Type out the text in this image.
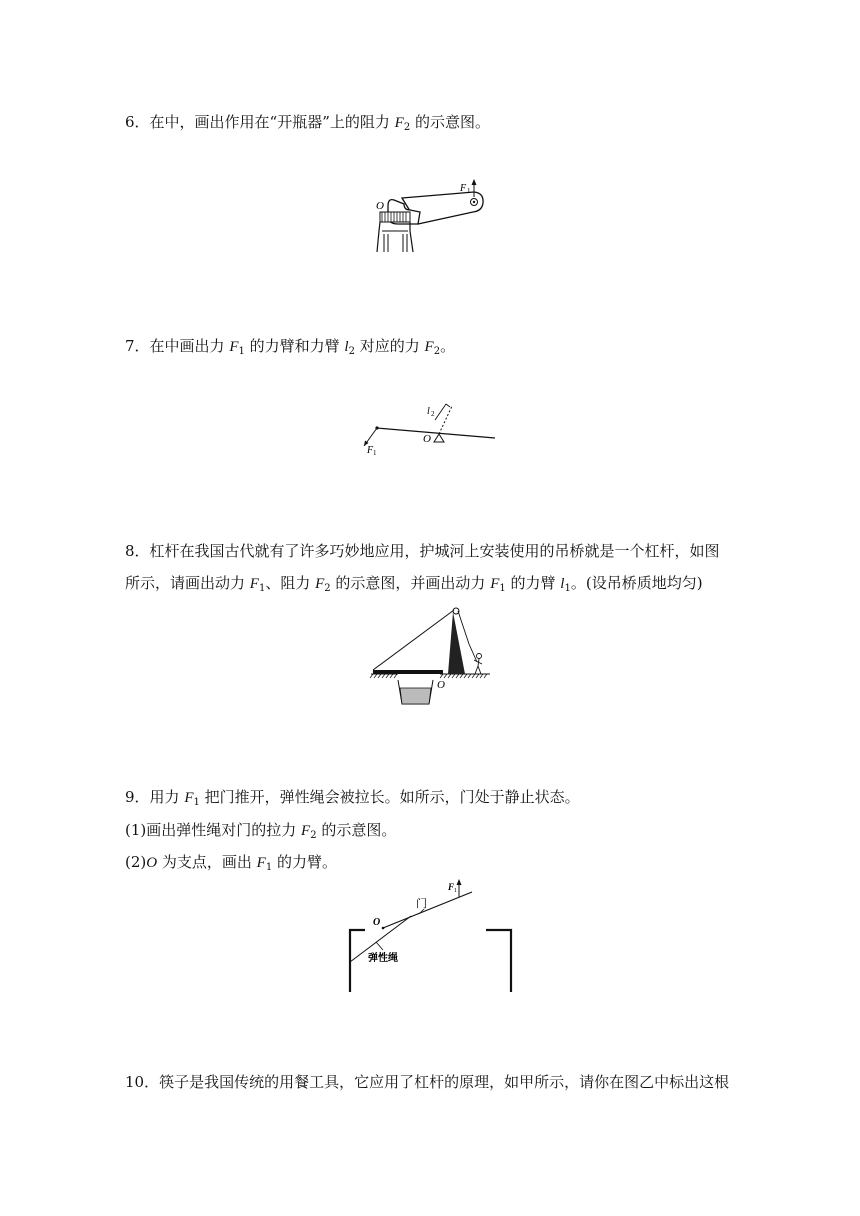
6．在中，画出作用在“开瓶器”上的阻力 $F_2$ 的示意图。
F 1
O
7．在中画出力 $F_1$ 的力臂和力臂 $l_2$ 对应的力 $F_2$。
F 1
O
l 2
8．杠杆在我国古代就有了许多巧妙地应用，护城河上安装使用的吊桥就是一个杠杆，如图
所示，请画出动力 $F_1$、阻力 $F_2$ 的示意图，并画出动力 $F_1$ 的力臂 $l_1$。(设吊桥质地均匀)
O
9．用力 $F_1$ 把门推开，弹性绳会被拉长。如所示，门处于静止状态。
(1)画出弹性绳对门的拉力 $F_2$ 的示意图。
(2)O 为支点，画出 $F_1$ 的力臂。
O
门
弹性绳
F 1
10．筷子是我国传统的用餐工具，它应用了杠杆的原理，如甲所示，请你在图乙中标出这根
